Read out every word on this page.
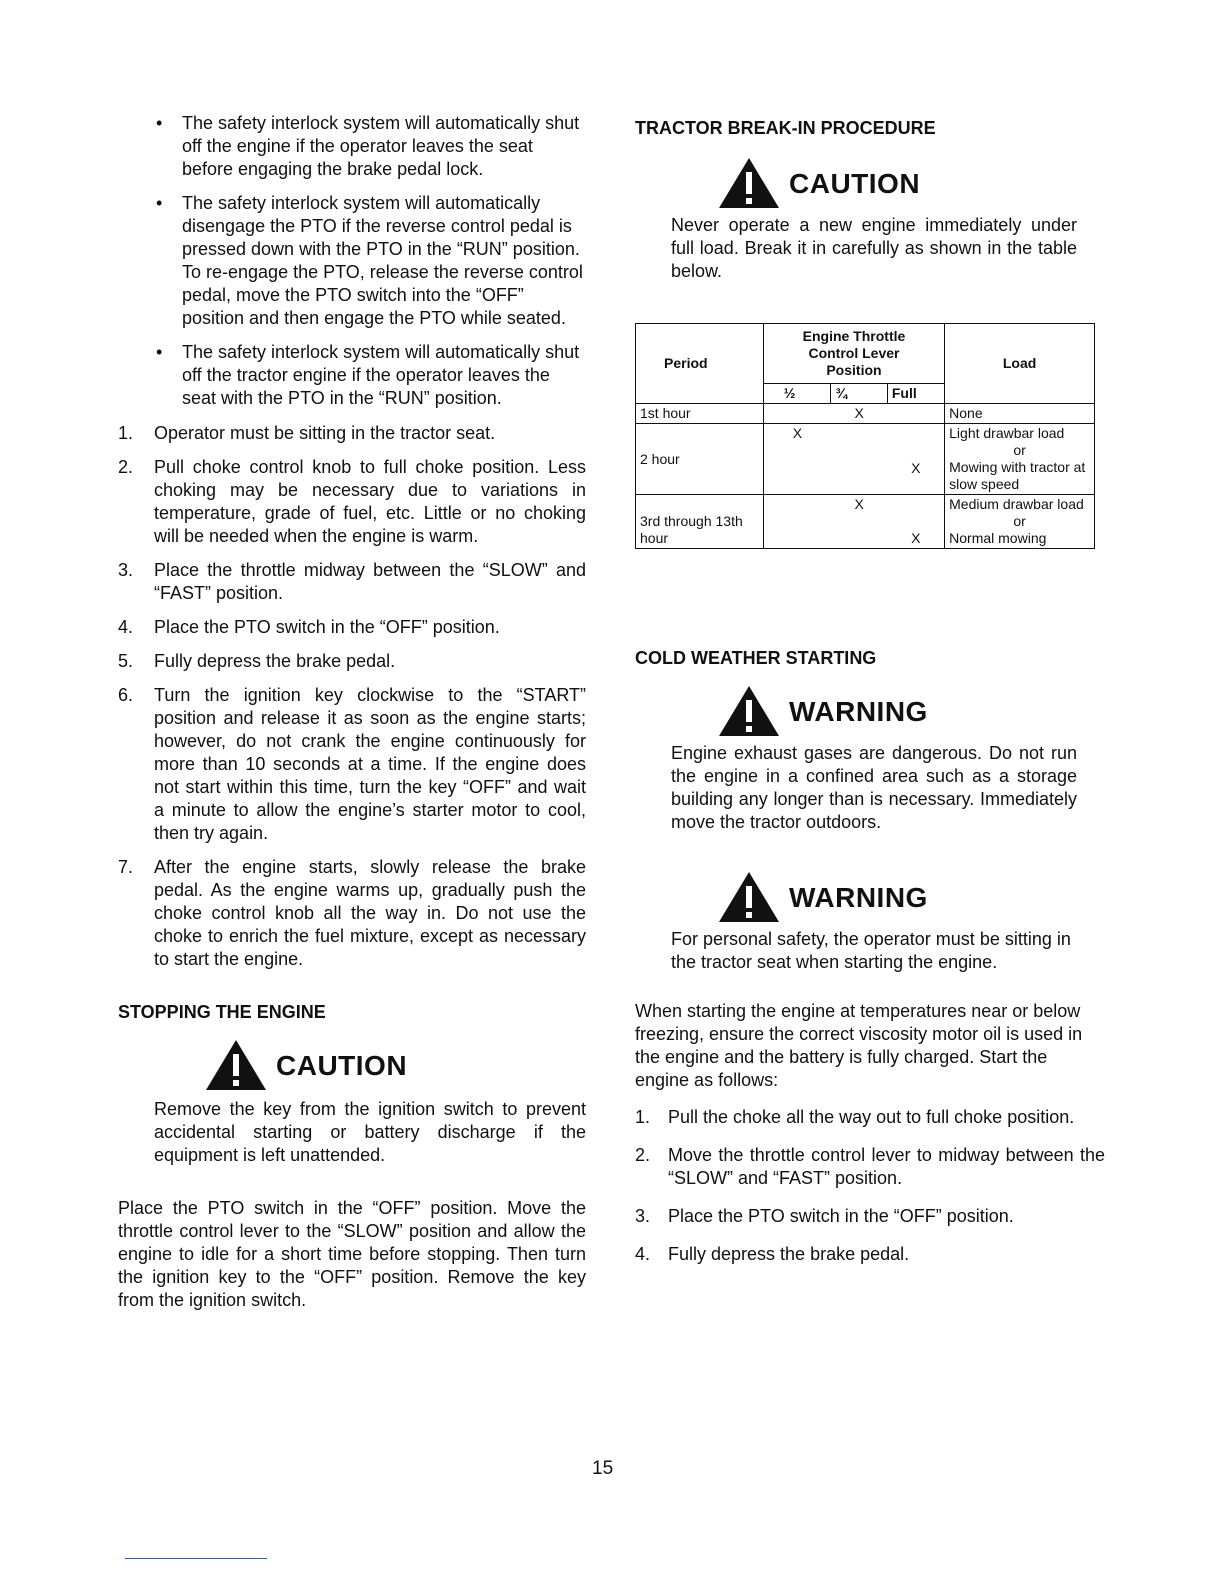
• The safety interlock system will automatically shut off the engine if the operator leaves the seat before engaging the brake pedal lock.
• The safety interlock system will automatically disengage the PTO if the reverse control pedal is pressed down with the PTO in the “RUN” position. To re-engage the PTO, release the reverse control pedal, move the PTO switch into the “OFF” position and then engage the PTO while seated.
• The safety interlock system will automatically shut off the tractor engine if the operator leaves the seat with the PTO in the “RUN” position.
1. Operator must be sitting in the tractor seat.
2. Pull choke control knob to full choke position. Less choking may be necessary due to variations in temperature, grade of fuel, etc. Little or no choking will be needed when the engine is warm.
3. Place the throttle midway between the “SLOW” and “FAST” position.
4. Place the PTO switch in the “OFF” position.
5. Fully depress the brake pedal.
6. Turn the ignition key clockwise to the “START” position and release it as soon as the engine starts; however, do not crank the engine continuously for more than 10 seconds at a time. If the engine does not start within this time, turn the key “OFF” and wait a minute to allow the engine’s starter motor to cool, then try again.
7. After the engine starts, slowly release the brake pedal. As the engine warms up, gradually push the choke control knob all the way in. Do not use the choke to enrich the fuel mixture, except as necessary to start the engine.

STOPPING THE ENGINE

CAUTION

Remove the key from the ignition switch to prevent accidental starting or battery discharge if the equipment is left unattended.

Place the PTO switch in the “OFF” position. Move the throttle control lever to the “SLOW” position and allow the engine to idle for a short time before stopping. Then turn the ignition key to the “OFF” position. Remove the key from the ignition switch.

TRACTOR BREAK-IN PROCEDURE

CAUTION

Never operate a new engine immediately under full load. Break it in carefully as shown in the table below.

Period	Engine Throttle Control Lever Position			Load
	½	¾	Full	
1st hour		X		None
2 hour	X		X	Light drawbar load
or
Mowing with tractor at slow speed

3rd through 13th hour		X	X	Medium drawbar load
or
Normal mowing

COLD WEATHER STARTING

WARNING

Engine exhaust gases are dangerous. Do not run the engine in a confined area such as a storage building any longer than is necessary. Immediately move the tractor outdoors.

WARNING

For personal safety, the operator must be sitting in the tractor seat when starting the engine.

When starting the engine at temperatures near or below freezing, ensure the correct viscosity motor oil is used in the engine and the battery is fully charged. Start the engine as follows:

1. Pull the choke all the way out to full choke position.
2. Move the throttle control lever to midway between the “SLOW” and “FAST” position.
3. Place the PTO switch in the “OFF” position.
4. Fully depress the brake pedal.
15
